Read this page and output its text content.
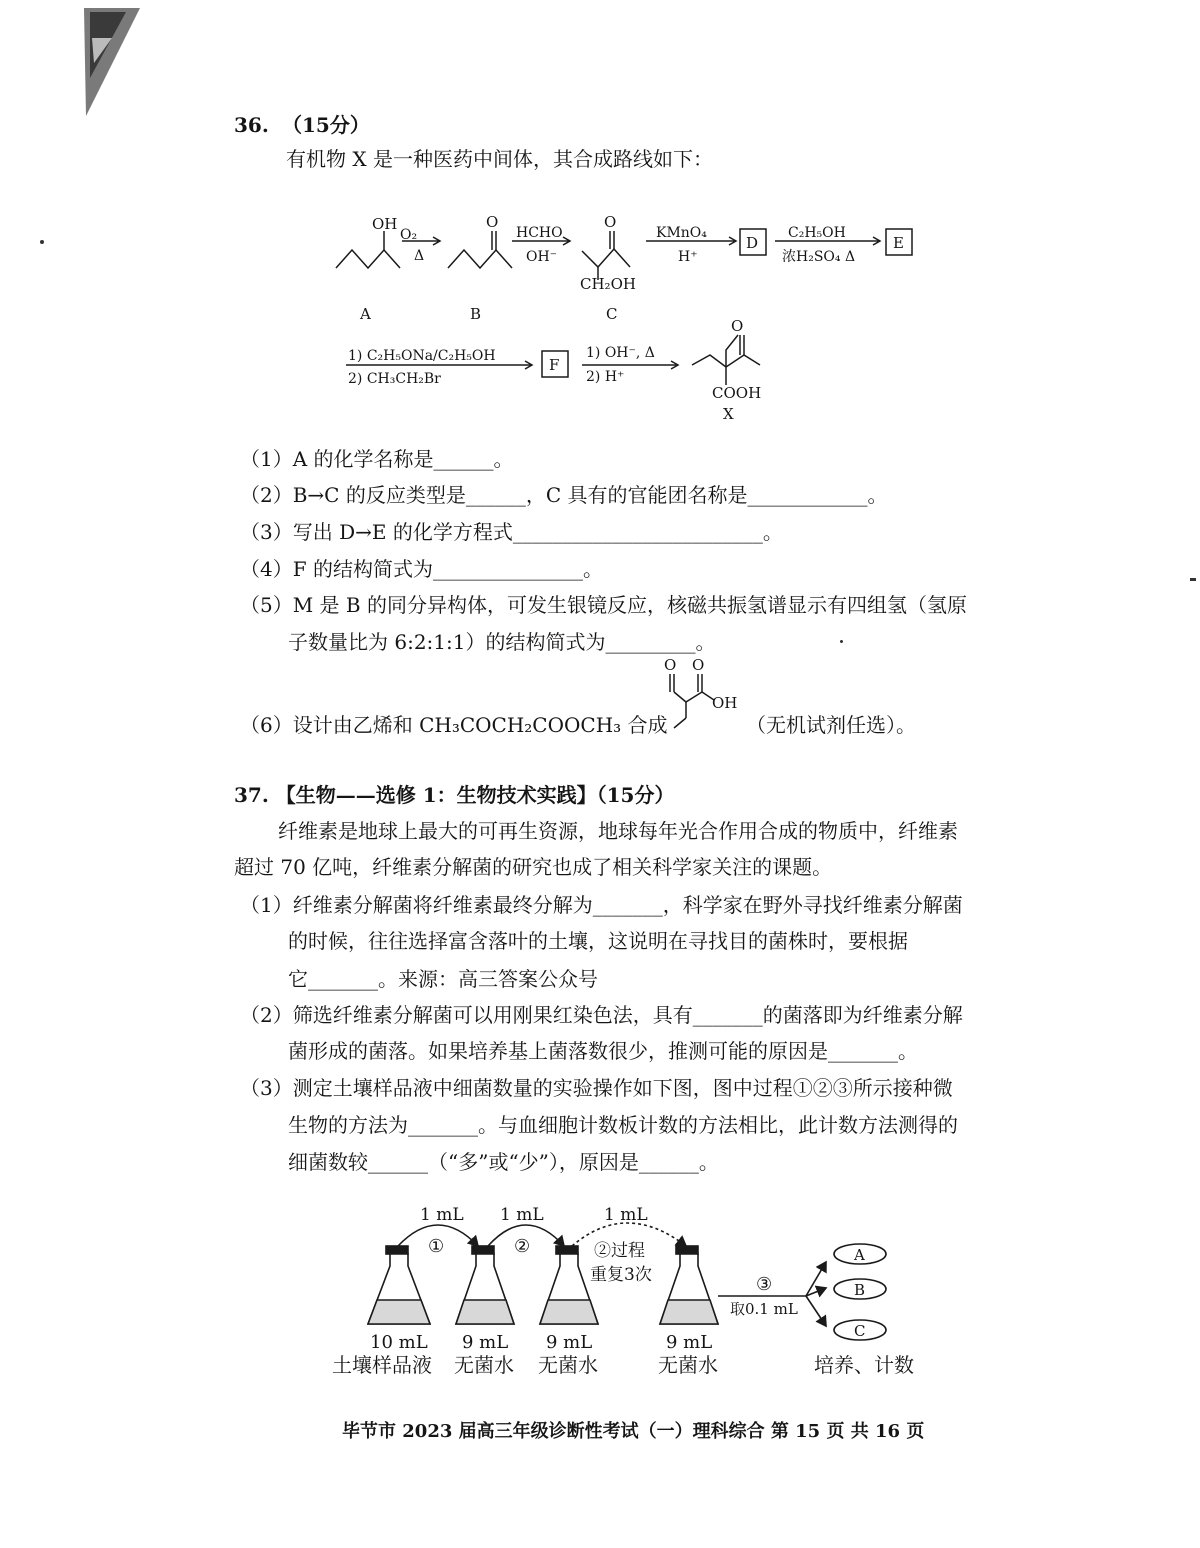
36. （15分）
有机物 X 是一种医药中间体，其合成路线如下：
OH
O₂
Δ
O
HCHO
OH⁻
O
CH₂OH
KMnO₄
H⁺
D
C₂H₅OH
浓H₂SO₄ Δ
E
A	B	C
1) C₂H₅ONa/C₂H₅OH
2) CH₃CH₂Br
F
1) OH⁻, Δ
2) H⁺
O
COOH
X
（1）A 的化学名称是______。
（2）B→C 的反应类型是______，C 具有的官能团名称是____________。
（3）写出 D→E 的化学方程式_________________________。
（4）F 的结构简式为_______________。
（5）M 是 B 的同分异构体，可发生银镜反应，核磁共振氢谱显示有四组氢（氢原
子数量比为 6:2:1:1）的结构简式为_________。
（6）设计由乙烯和 CH₃COCH₂COOCH₃ 合成
O O
OH
（无机试剂任选）。
37. 【生物——选修 1：生物技术实践】（15分）
纤维素是地球上最大的可再生资源，地球每年光合作用合成的物质中，纤维素
超过 70 亿吨，纤维素分解菌的研究也成了相关科学家关注的课题。
（1）纤维素分解菌将纤维素最终分解为_______，科学家在野外寻找纤维素分解菌
的时候，往往选择富含落叶的土壤，这说明在寻找目的菌株时，要根据
它_______。来源：高三答案公众号
（2）筛选纤维素分解菌可以用刚果红染色法，具有_______的菌落即为纤维素分解
菌形成的菌落。如果培养基上菌落数很少，推测可能的原因是_______。
（3）测定土壤样品液中细菌数量的实验操作如下图，图中过程①②③所示接种微
生物的方法为_______。与血细胞计数板计数的方法相比，此计数方法测得的
细菌数较______（“多”或“少”），原因是______。
1 mL 1 mL	1 mL
①	②	②过程
重复3次	③
取0.1 mL
A
B
C
10 mL
土壤样品液
9 mL
无菌水
9 mL
无菌水
9 mL
无菌水	培养、计数
毕节市 2023 届高三年级诊断性考试（一）理科综合 第 15 页 共 16 页
